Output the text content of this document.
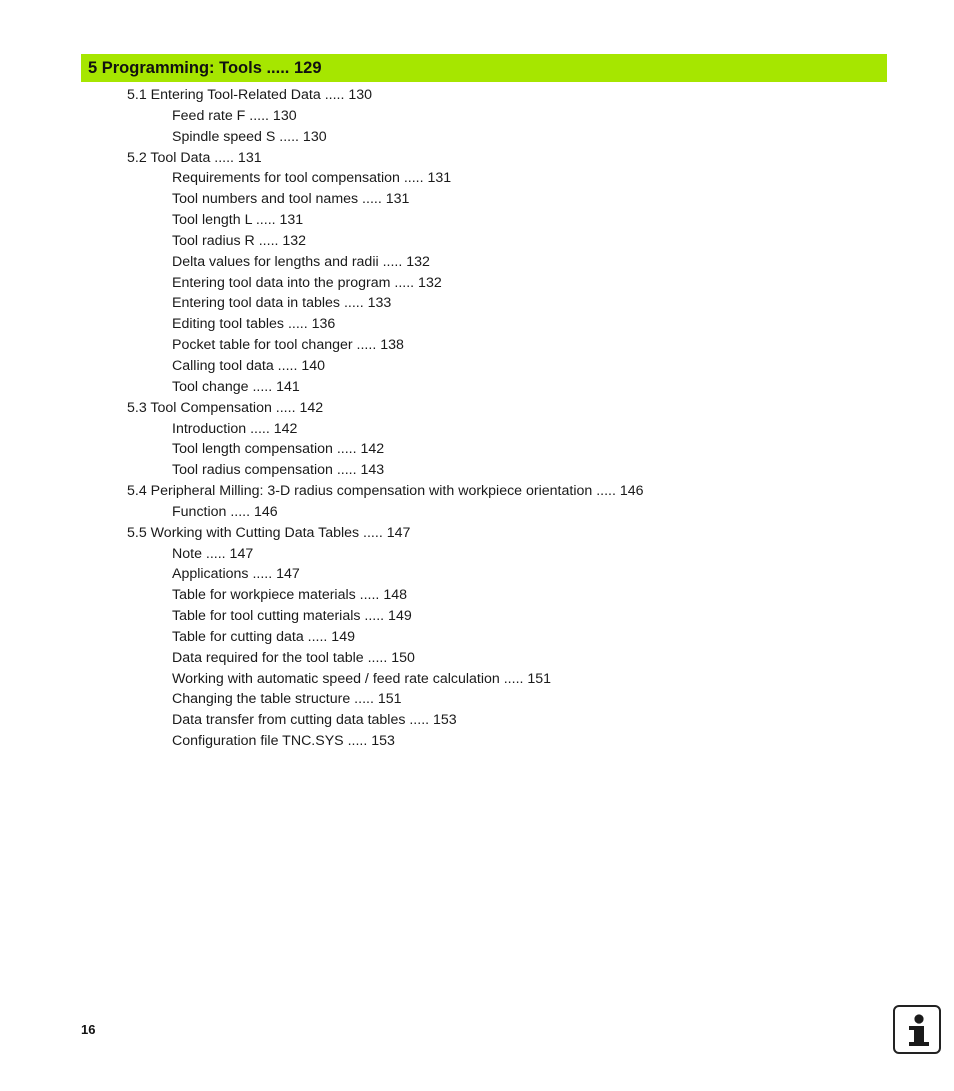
5 Programming: Tools ..... 129
5.1 Entering Tool-Related Data ..... 130
Feed rate F ..... 130
Spindle speed S ..... 130
5.2 Tool Data ..... 131
Requirements for tool compensation ..... 131
Tool numbers and tool names ..... 131
Tool length L ..... 131
Tool radius R ..... 132
Delta values for lengths and radii ..... 132
Entering tool data into the program ..... 132
Entering tool data in tables ..... 133
Editing tool tables ..... 136
Pocket table for tool changer ..... 138
Calling tool data ..... 140
Tool change ..... 141
5.3 Tool Compensation ..... 142
Introduction ..... 142
Tool length compensation ..... 142
Tool radius compensation ..... 143
5.4 Peripheral Milling: 3-D radius compensation with workpiece orientation ..... 146
Function ..... 146
5.5 Working with Cutting Data Tables ..... 147
Note ..... 147
Applications ..... 147
Table for workpiece materials ..... 148
Table for tool cutting materials ..... 149
Table for cutting data ..... 149
Data required for the tool table ..... 150
Working with automatic speed / feed rate calculation ..... 151
Changing the table structure ..... 151
Data transfer from cutting data tables ..... 153
Configuration file TNC.SYS ..... 153
16
